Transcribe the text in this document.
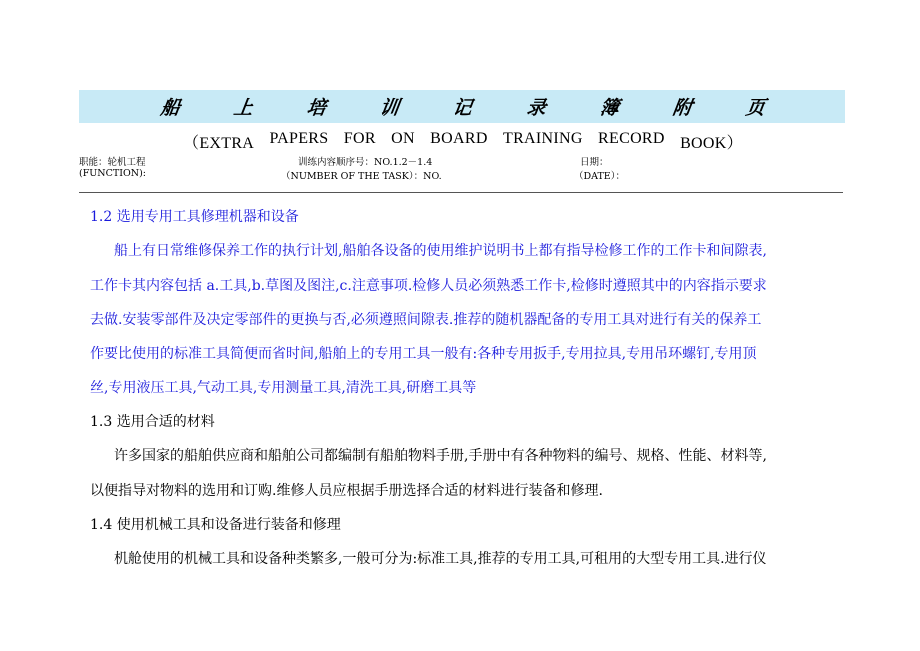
船	上	培	训	记	录	簿	附	页
（EXTRA PAPERS FOR ON BOARD TRAINING RECORD BOOK）
职能：轮机工程
(FUNCTION):
训练内容顺序号：NO.1.2－1.4
（NUMBER OF THE TASK）：NO.
日期：
（DATE）：
1.2 选用专用工具修理机器和设备
船上有日常维修保养工作的执行计划,船舶各设备的使用维护说明书上都有指导检修工作的工作卡和间隙表,
工作卡其内容包括 a.工具,b.草图及图注,c.注意事项.检修人员必须熟悉工作卡,检修时遵照其中的内容指示要求
去做.安装零部件及决定零部件的更换与否,必须遵照间隙表.推荐的随机器配备的专用工具对进行有关的保养工
作要比使用的标准工具简便而省时间,船舶上的专用工具一般有:各种专用扳手,专用拉具,专用吊环螺钉,专用顶
丝,专用液压工具,气动工具,专用测量工具,清洗工具,研磨工具等
1.3 选用合适的材料
许多国家的船舶供应商和船舶公司都编制有船舶物料手册,手册中有各种物料的编号、规格、性能、材料等,
以便指导对物料的选用和订购.维修人员应根据手册选择合适的材料进行装备和修理.
1.4 使用机械工具和设备进行装备和修理
机舱使用的机械工具和设备种类繁多,一般可分为:标准工具,推荐的专用工具,可租用的大型专用工具.进行仪
